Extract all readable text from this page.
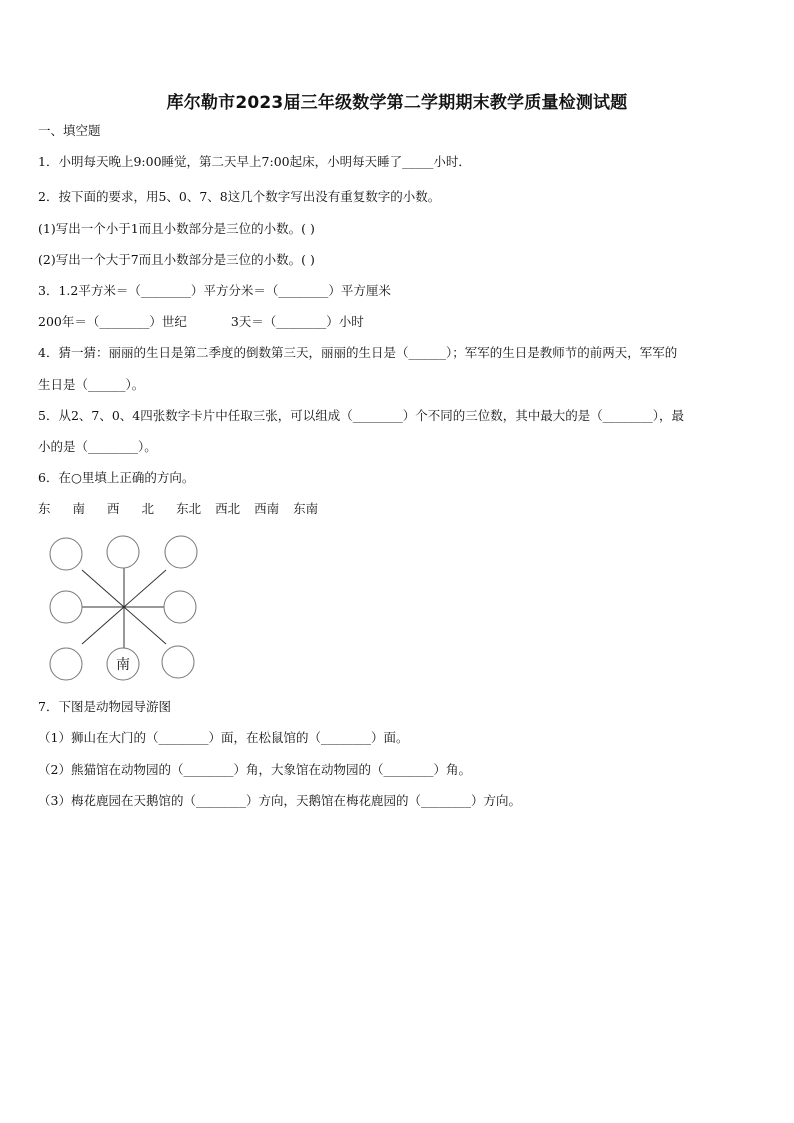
库尔勒市2023届三年级数学第二学期期末教学质量检测试题
一、填空题
1．小明每天晚上9:00睡觉，第二天早上7:00起床，小明每天睡了_____小时．
2．按下面的要求，用5、0、7、8这几个数字写出没有重复数字的小数。
(1)写出一个小于1而且小数部分是三位的小数。( )
(2)写出一个大于7而且小数部分是三位的小数。( )
3．1.2平方米＝（________）平方分米＝（________）平方厘米
200年＝（________）世纪	3天＝（________）小时
4．猜一猜：丽丽的生日是第二季度的倒数第三天，丽丽的生日是（______）；军军的生日是教师节的前两天，军军的
生日是（______）。
5．从2、7、0、4四张数字卡片中任取三张，可以组成（________）个不同的三位数，其中最大的是（________），最
小的是（________）。
6．在○里填上正确的方向。
东 南 西 北 东北 西北 西南 东南
南
7．下图是动物园导游图
（1）狮山在大门的（________）面，在松鼠馆的（________）面。
（2）熊猫馆在动物园的（________）角，大象馆在动物园的（________）角。
（3）梅花鹿园在天鹅馆的（________）方向，天鹅馆在梅花鹿园的（________）方向。
